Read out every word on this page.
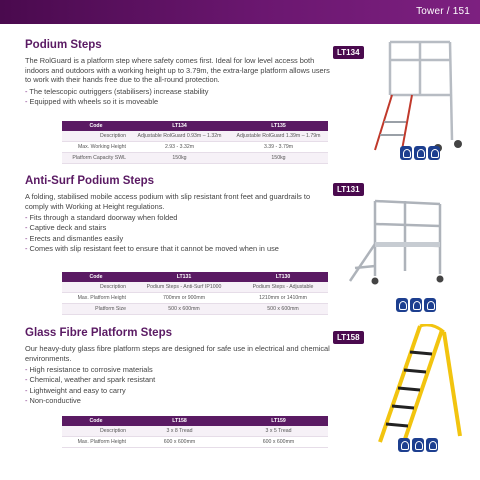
Tower / 151
Podium Steps

The RolGuard is a platform step where safety comes first. Ideal for low level access both indoors and outdoors with a working height up to 3.79m, the extra-large platform allows users to work with their hands free due to the all-round protection.

- The telescopic outriggers (stabilisers) increase stability
- Equipped with wheels so it is moveable
Code	LT134	LT135
Description	Adjustable RolGuard 0.93m – 1.32m	Adjustable RolGuard 1.39m – 1.79m
Max. Working Height	2.93 - 3.32m	3.39 - 3.79m
Platform Capacity SWL	150kg	150kg
LT134
Anti-Surf Podium Steps

A folding, stabilised mobile access podium with slip resistant front feet and guardrails to comply with Working at Height regulations.

- Fits through a standard doorway when folded
- Captive deck and stairs
- Erects and dismantles easily
- Comes with slip resistant feet to ensure that it cannot be moved when in use
Code	LT131	LT130
Description	Podium Steps - Anti-Surf IP1000	Podium Steps - Adjustable
Max. Platform Height	700mm or 900mm	1210mm or 1410mm
Platform Size	500 x 600mm	500 x 600mm
LT131
Glass Fibre Platform Steps

Our heavy-duty glass fibre platform steps are designed for safe use in electrical and chemical environments.

- High resistance to corrosive materials
- Chemical, weather and spark resistant
- Lightweight and easy to carry
- Non-conductive
Code	LT158	LT159
Description	3 x 8 Tread	3 x 5 Tread
Max. Platform Height	600 x 600mm	600 x 600mm
LT158
